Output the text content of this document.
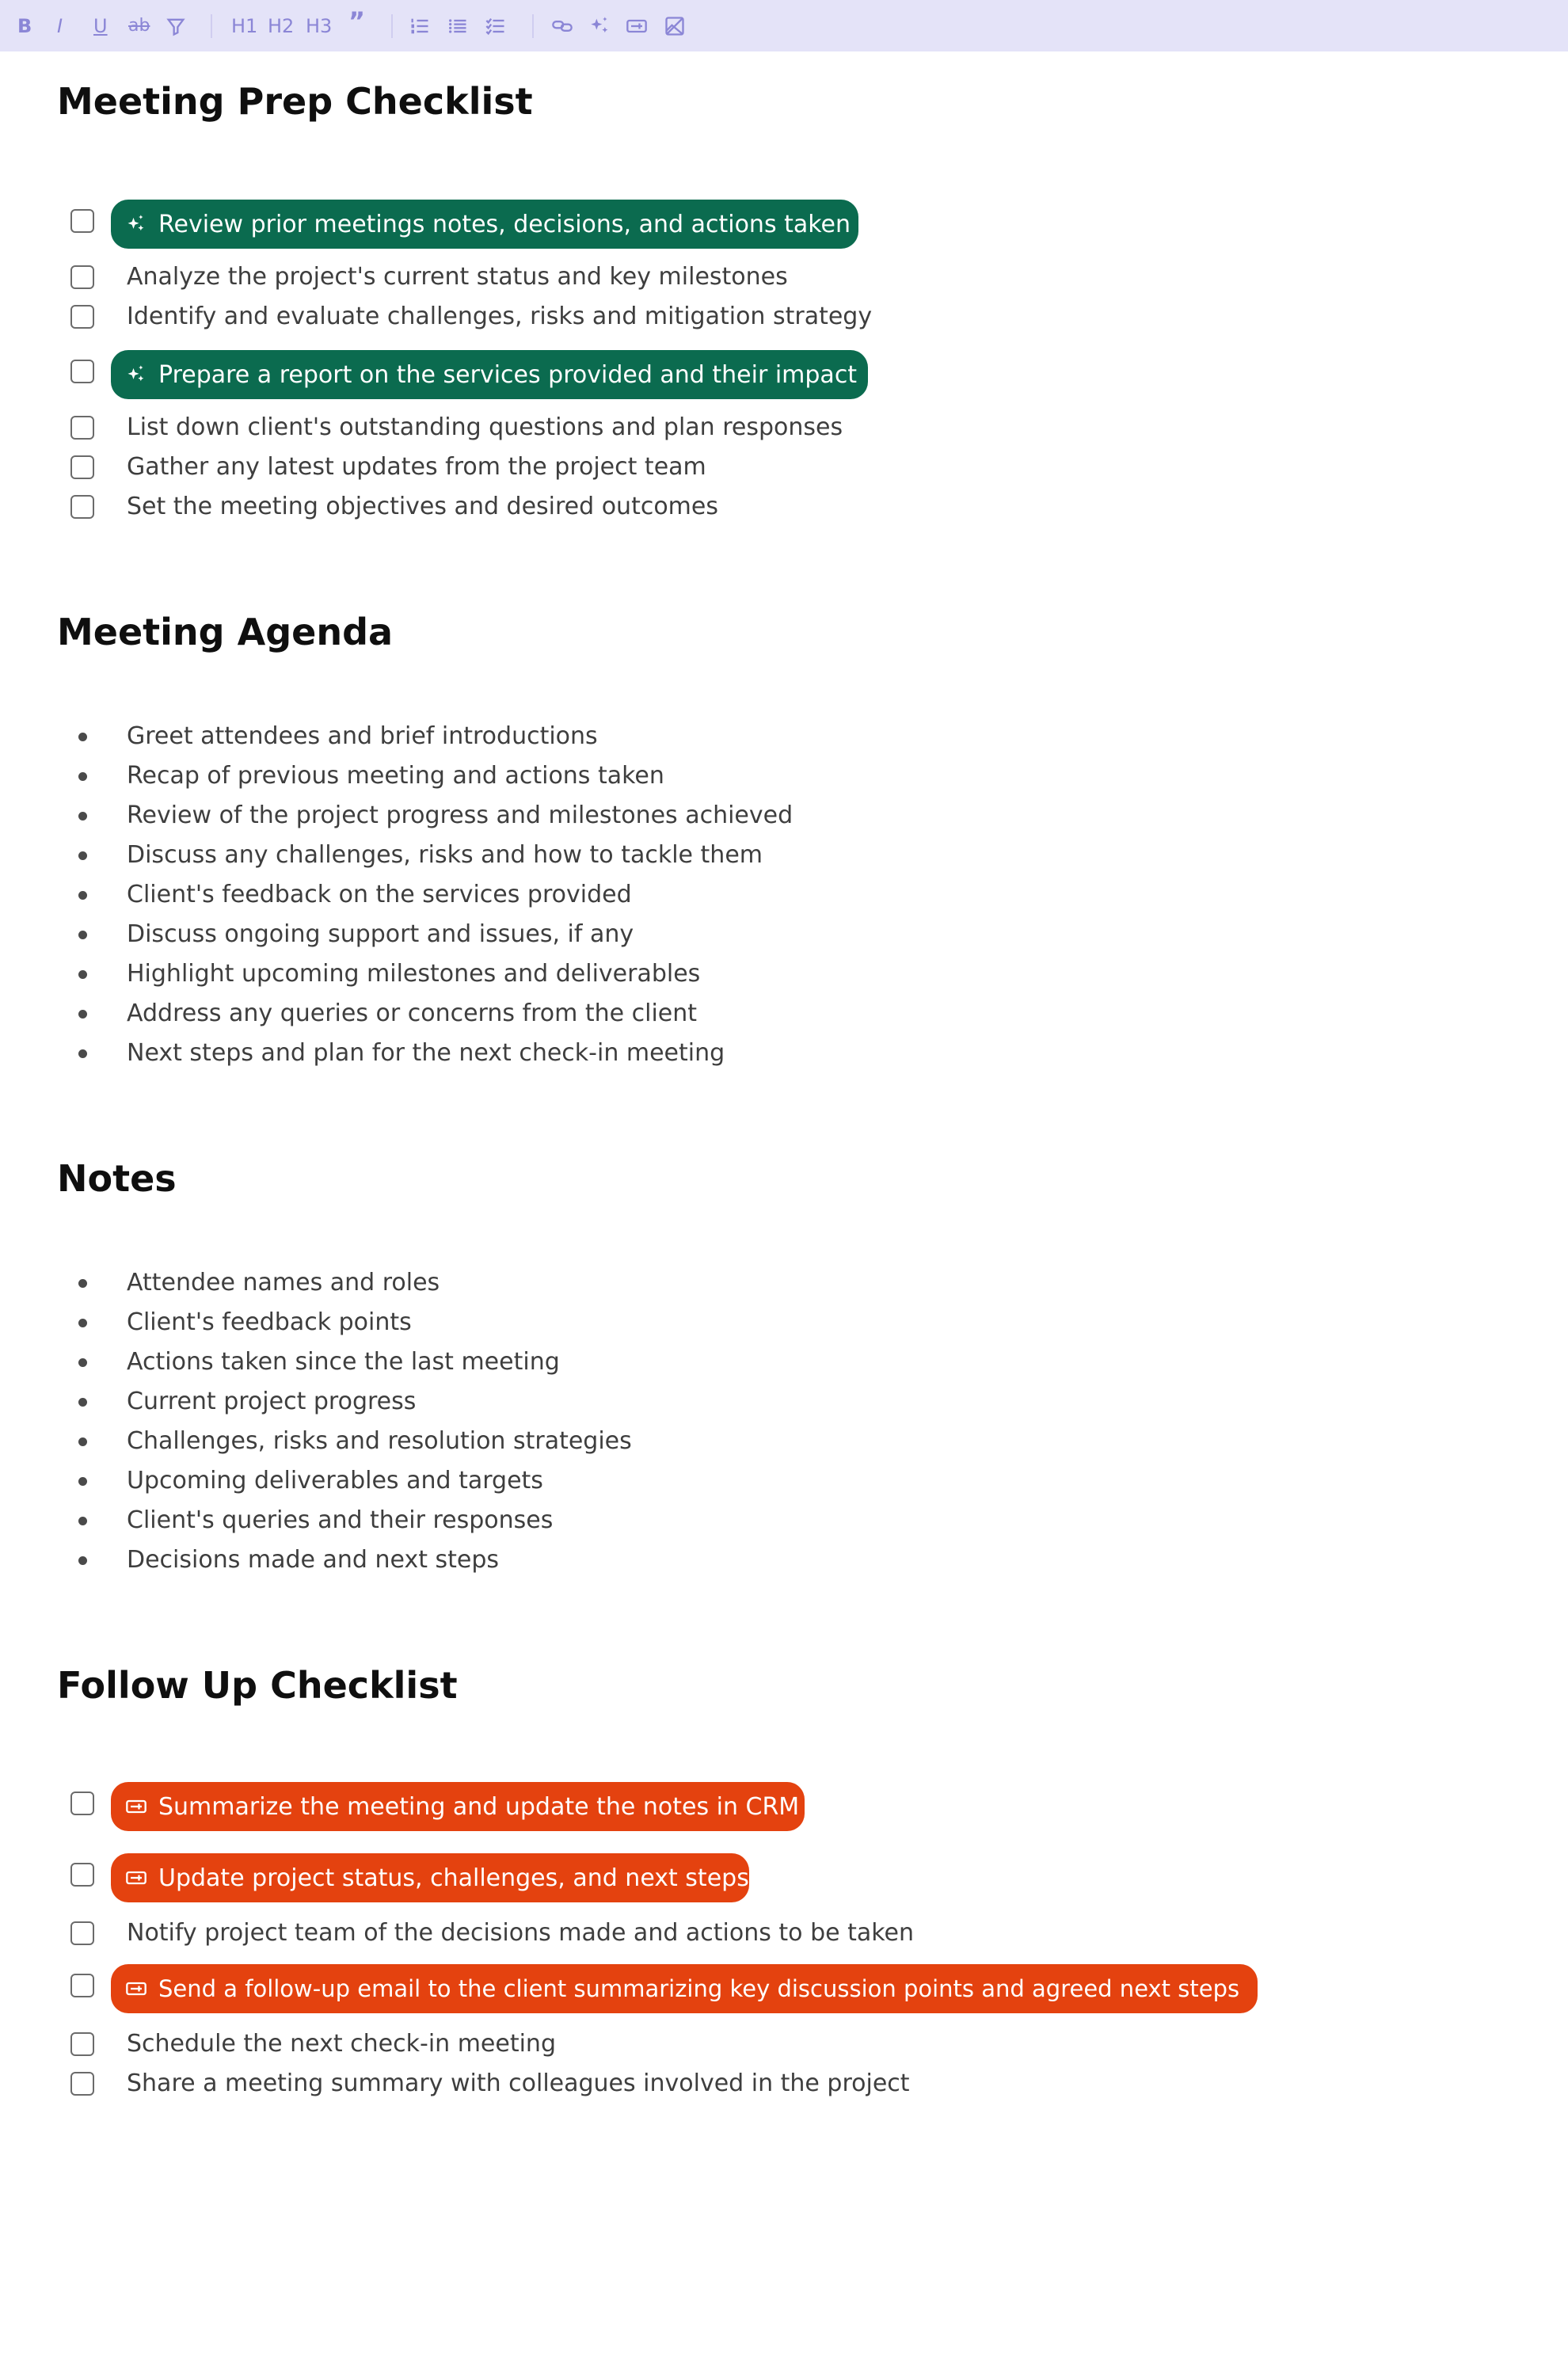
B I U ab	H1 H2 H3 ”
Meeting Prep Checklist
Review prior meetings notes, decisions, and actions taken
Analyze the project's current status and key milestones
Identify and evaluate challenges, risks and mitigation strategy
Prepare a report on the services provided and their impact
List down client's outstanding questions and plan responses
Gather any latest updates from the project team
Set the meeting objectives and desired outcomes
Meeting Agenda
Greet attendees and brief introductions
Recap of previous meeting and actions taken
Review of the project progress and milestones achieved
Discuss any challenges, risks and how to tackle them
Client's feedback on the services provided
Discuss ongoing support and issues, if any
Highlight upcoming milestones and deliverables
Address any queries or concerns from the client
Next steps and plan for the next check-in meeting
Notes
Attendee names and roles
Client's feedback points
Actions taken since the last meeting
Current project progress
Challenges, risks and resolution strategies
Upcoming deliverables and targets
Client's queries and their responses
Decisions made and next steps
Follow Up Checklist
Summarize the meeting and update the notes in CRM
Update project status, challenges, and next steps
Notify project team of the decisions made and actions to be taken
Send a follow-up email to the client summarizing key discussion points and agreed next steps
Schedule the next check-in meeting
Share a meeting summary with colleagues involved in the project
